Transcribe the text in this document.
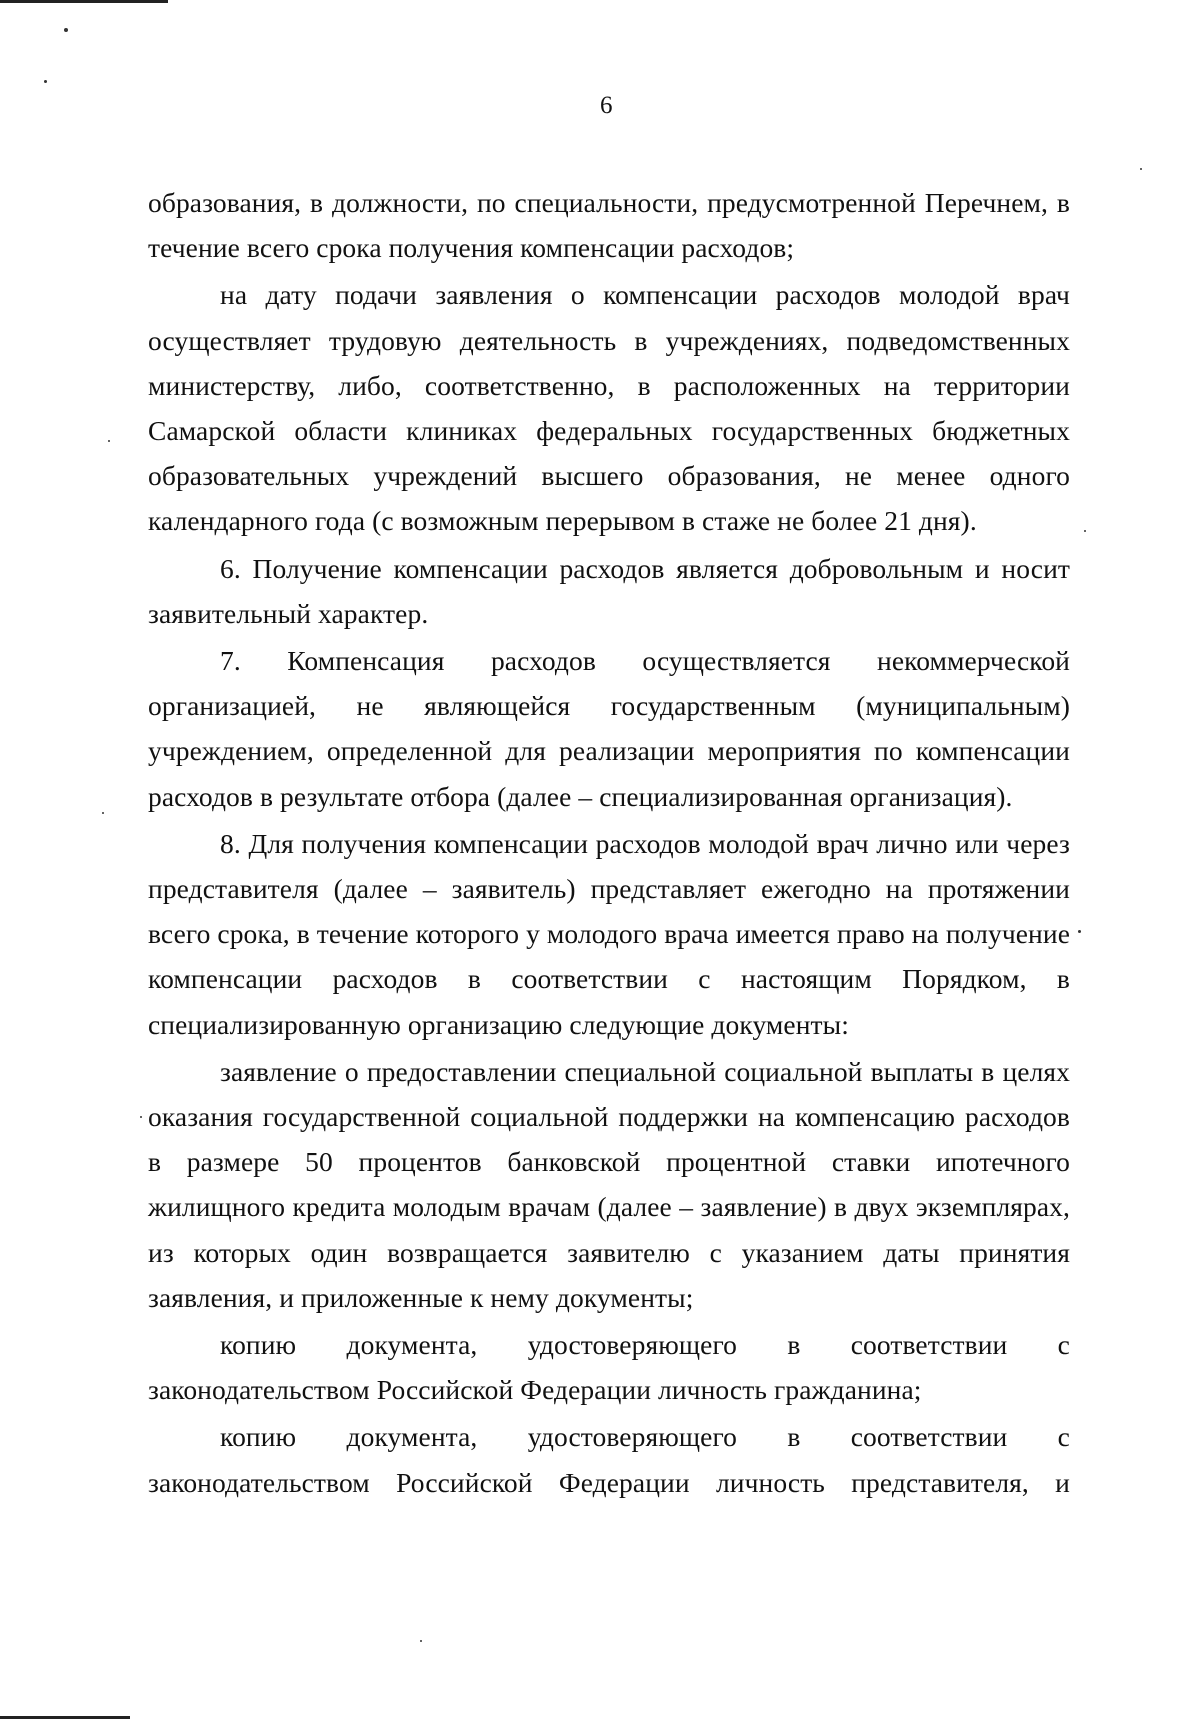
6

образования, в должности, по специальности, предусмотренной Перечнем, в течение всего срока получения компенсации расходов;

на дату подачи заявления о компенсации расходов молодой врач осуществляет трудовую деятельность в учреждениях, подведомственных министерству, либо, соответственно, в расположенных на территории Самарской области клиниках федеральных государственных бюджетных образовательных учреждений высшего образования, не менее одного календарного года (с возможным перерывом в стаже не более 21 дня).

6. Получение компенсации расходов является добровольным и носит заявительный характер.

7. Компенсация расходов осуществляется некоммерческой организацией, не являющейся государственным (муниципальным) учреждением, определенной для реализации мероприятия по компенсации расходов в результате отбора (далее – специализированная организация).

8. Для получения компенсации расходов молодой врач лично или через представителя (далее – заявитель) представляет ежегодно на протяжении всего срока, в течение которого у молодого врача имеется право на получение компенсации расходов в соответствии с настоящим Порядком, в специализированную организацию следующие документы:

заявление о предоставлении специальной социальной выплаты в целях оказания государственной социальной поддержки на компенсацию расходов в размере 50 процентов банковской процентной ставки ипотечного жилищного кредита молодым врачам (далее – заявление) в двух экземплярах, из которых один возвращается заявителю с указанием даты принятия заявления, и приложенные к нему документы;

копию документа, удостоверяющего в соответствии с законодательством Российской Федерации личность гражданина;

копию документа, удостоверяющего в соответствии с законодательством Российской Федерации личность представителя, и
